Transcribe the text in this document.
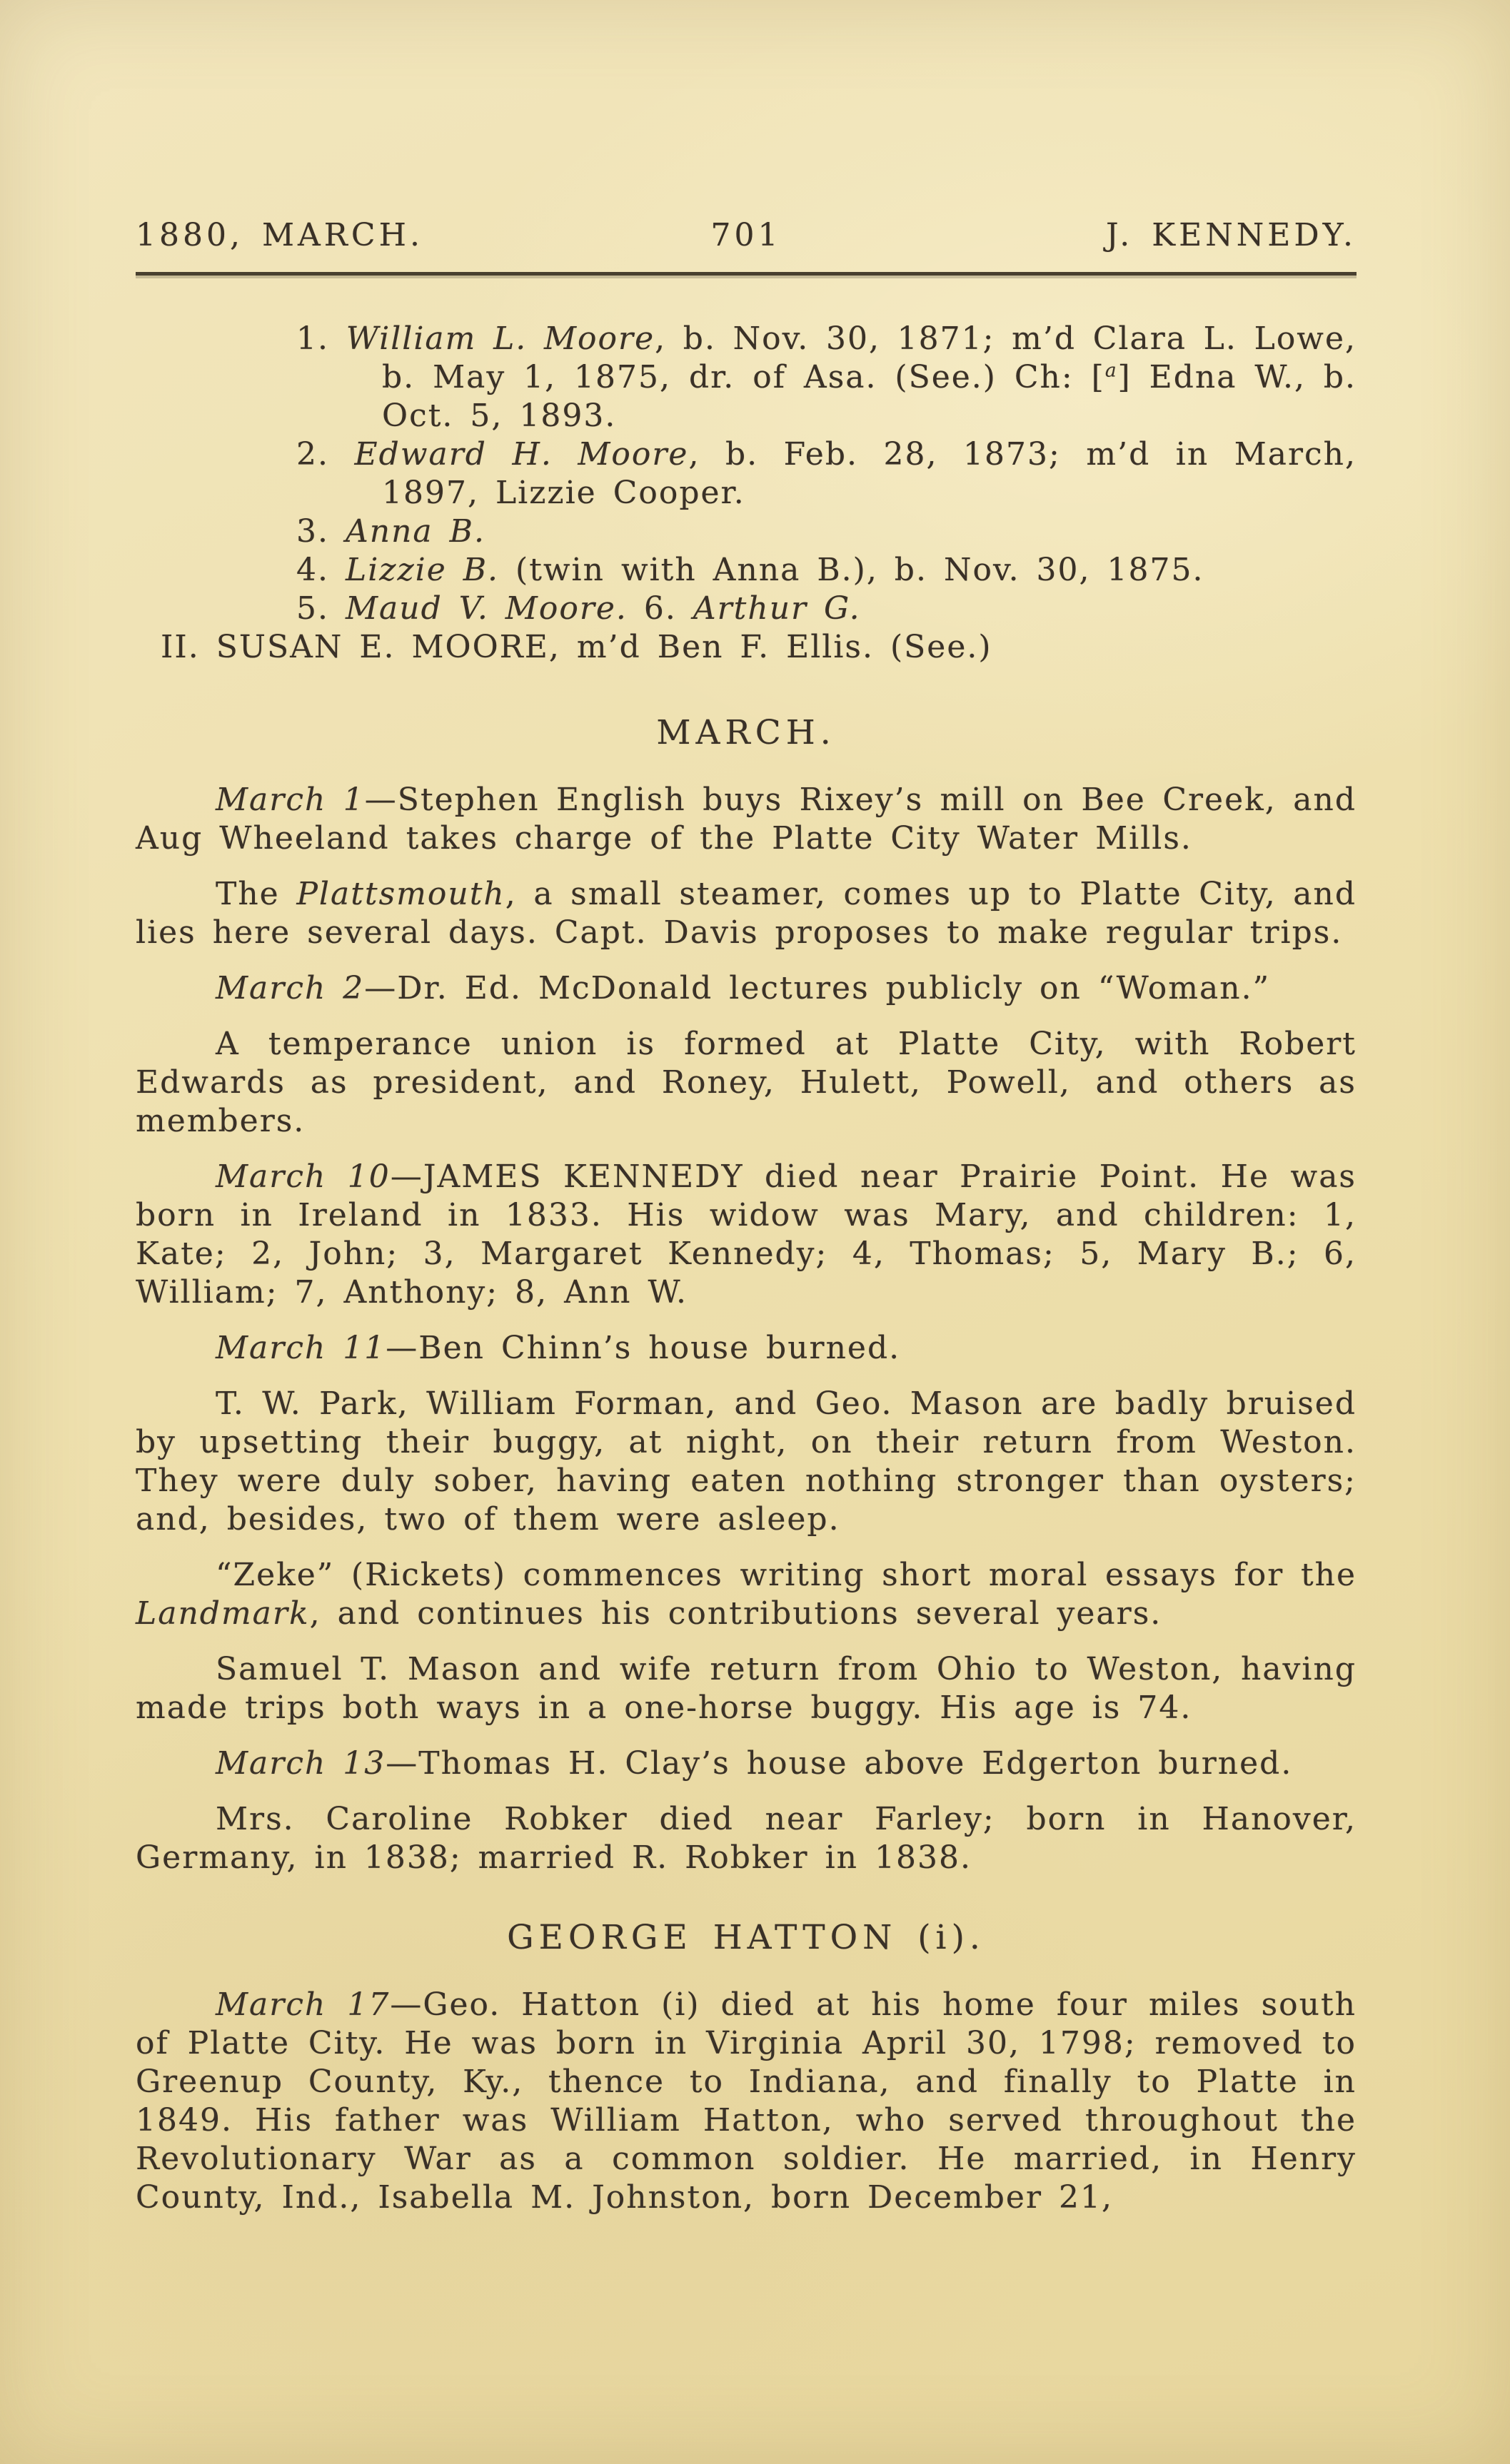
1880, MARCH.	701	J. KENNEDY.

1. William L. Moore, b. Nov. 30, 1871; m’d Clara L. Lowe, b. May 1, 1875, dr. of Asa. (See.) Ch: [$^a$] Edna W., b. Oct. 5, 1893.

2. Edward H. Moore, b. Feb. 28, 1873; m’d in March, 1897, Lizzie Cooper.

3. Anna B.

4. Lizzie B. (twin with Anna B.), b. Nov. 30, 1875.

5. Maud V. Moore. 6. Arthur G.

II. SUSAN E. MOORE, m’d Ben F. Ellis. (See.)

MARCH.

March 1—Stephen English buys Rixey’s mill on Bee Creek, and Aug Wheeland takes charge of the Platte City Water Mills.

The Plattsmouth, a small steamer, comes up to Platte City, and lies here several days. Capt. Davis proposes to make regular trips.

March 2—Dr. Ed. McDonald lectures publicly on “Woman.”

A temperance union is formed at Platte City, with Robert Edwards as president, and Roney, Hulett, Powell, and others as members.

March 10—JAMES KENNEDY died near Prairie Point. He was born in Ireland in 1833. His widow was Mary, and children: 1, Kate; 2, John; 3, Margaret Kennedy; 4, Thomas; 5, Mary B.; 6, William; 7, Anthony; 8, Ann W.

March 11—Ben Chinn’s house burned.

T. W. Park, William Forman, and Geo. Mason are badly bruised by upsetting their buggy, at night, on their return from Weston. They were duly sober, having eaten nothing stronger than oysters; and, besides, two of them were asleep.

“Zeke” (Rickets) commences writing short moral essays for the Landmark, and continues his contributions several years.

Samuel T. Mason and wife return from Ohio to Weston, having made trips both ways in a one-horse buggy. His age is 74.

March 13—Thomas H. Clay’s house above Edgerton burned.

Mrs. Caroline Robker died near Farley; born in Hanover, Germany, in 1838; married R. Robker in 1838.

GEORGE HATTON (i).

March 17—Geo. Hatton (i) died at his home four miles south of Platte City. He was born in Virginia April 30, 1798; removed to Greenup County, Ky., thence to Indiana, and finally to Platte in 1849. His father was William Hatton, who served throughout the Revolutionary War as a common soldier. He married, in Henry County, Ind., Isabella M. Johnston, born December 21,
